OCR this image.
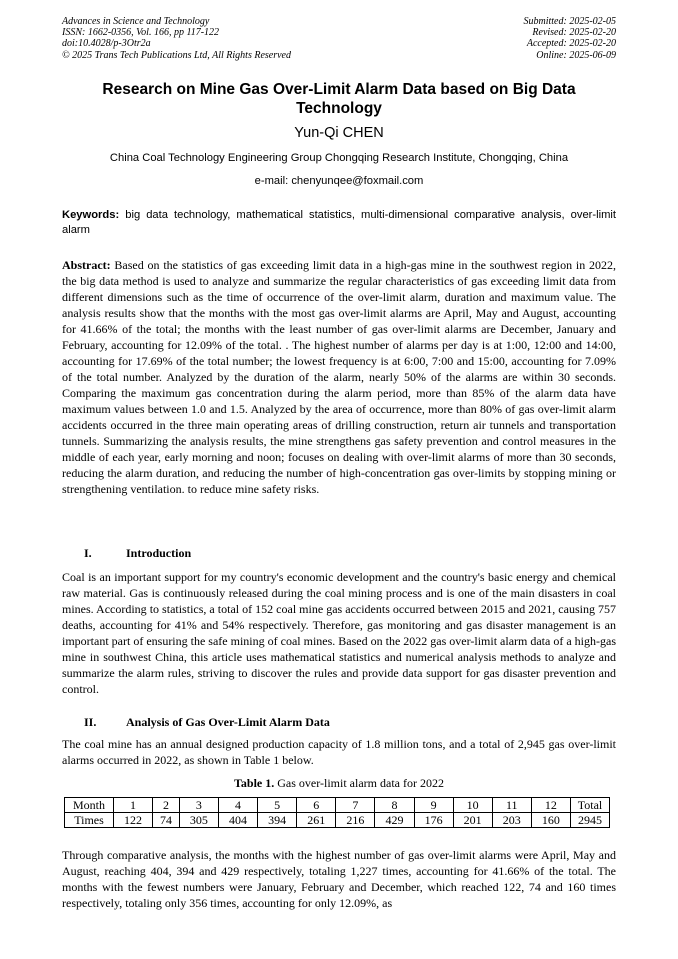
Advances in Science and Technology
ISSN: 1662-0356, Vol. 166, pp 117-122
doi:10.4028/p-3Otr2a
© 2025 Trans Tech Publications Ltd, All Rights Reserved
Submitted: 2025-02-05
Revised: 2025-02-20
Accepted: 2025-02-20
Online: 2025-06-09
Research on Mine Gas Over-Limit Alarm Data based on Big Data Technology
Yun-Qi CHEN
China Coal Technology Engineering Group Chongqing Research Institute, Chongqing, China
e-mail: chenyunqee@foxmail.com
Keywords: big data technology, mathematical statistics, multi-dimensional comparative analysis, over-limit alarm
Abstract: Based on the statistics of gas exceeding limit data in a high-gas mine in the southwest region in 2022, the big data method is used to analyze and summarize the regular characteristics of gas exceeding limit data from different dimensions such as the time of occurrence of the over-limit alarm, duration and maximum value. The analysis results show that the months with the most gas over-limit alarms are April, May and August, accounting for 41.66% of the total; the months with the least number of gas over-limit alarms are December, January and February, accounting for 12.09% of the total. . The highest number of alarms per day is at 1:00, 12:00 and 14:00, accounting for 17.69% of the total number; the lowest frequency is at 6:00, 7:00 and 15:00, accounting for 7.09% of the total number. Analyzed by the duration of the alarm, nearly 50% of the alarms are within 30 seconds. Comparing the maximum gas concentration during the alarm period, more than 85% of the alarm data have maximum values between 1.0 and 1.5. Analyzed by the area of occurrence, more than 80% of gas over-limit alarm accidents occurred in the three main operating areas of drilling construction, return air tunnels and transportation tunnels. Summarizing the analysis results, the mine strengthens gas safety prevention and control measures in the middle of each year, early morning and noon; focuses on dealing with over-limit alarms of more than 30 seconds, reducing the alarm duration, and reducing the number of high-concentration gas over-limits by stopping mining or strengthening ventilation. to reduce mine safety risks.
I.	Introduction
Coal is an important support for my country's economic development and the country's basic energy and chemical raw material. Gas is continuously released during the coal mining process and is one of the main disasters in coal mines. According to statistics, a total of 152 coal mine gas accidents occurred between 2015 and 2021, causing 757 deaths, accounting for 41% and 54% respectively. Therefore, gas monitoring and gas disaster management is an important part of ensuring the safe mining of coal mines. Based on the 2022 gas over-limit alarm data of a high-gas mine in southwest China, this article uses mathematical statistics and numerical analysis methods to analyze and summarize the alarm rules, striving to discover the rules and provide data support for gas disaster prevention and control.
II. Analysis of Gas Over-Limit Alarm Data
The coal mine has an annual designed production capacity of 1.8 million tons, and a total of 2,945 gas over-limit alarms occurred in 2022, as shown in Table 1 below.
Table 1. Gas over-limit alarm data for 2022
Month	1	2	3	4	5	6	7	8	9	10	11	12	Total
Times	122	74	305	404	394	261	216	429	176	201	203	160	2945
Through comparative analysis, the months with the highest number of gas over-limit alarms were April, May and August, reaching 404, 394 and 429 respectively, totaling 1,227 times, accounting for 41.66% of the total. The months with the fewest numbers were January, February and December, which reached 122, 74 and 160 times respectively, totaling only 356 times, accounting for only 12.09%, as
